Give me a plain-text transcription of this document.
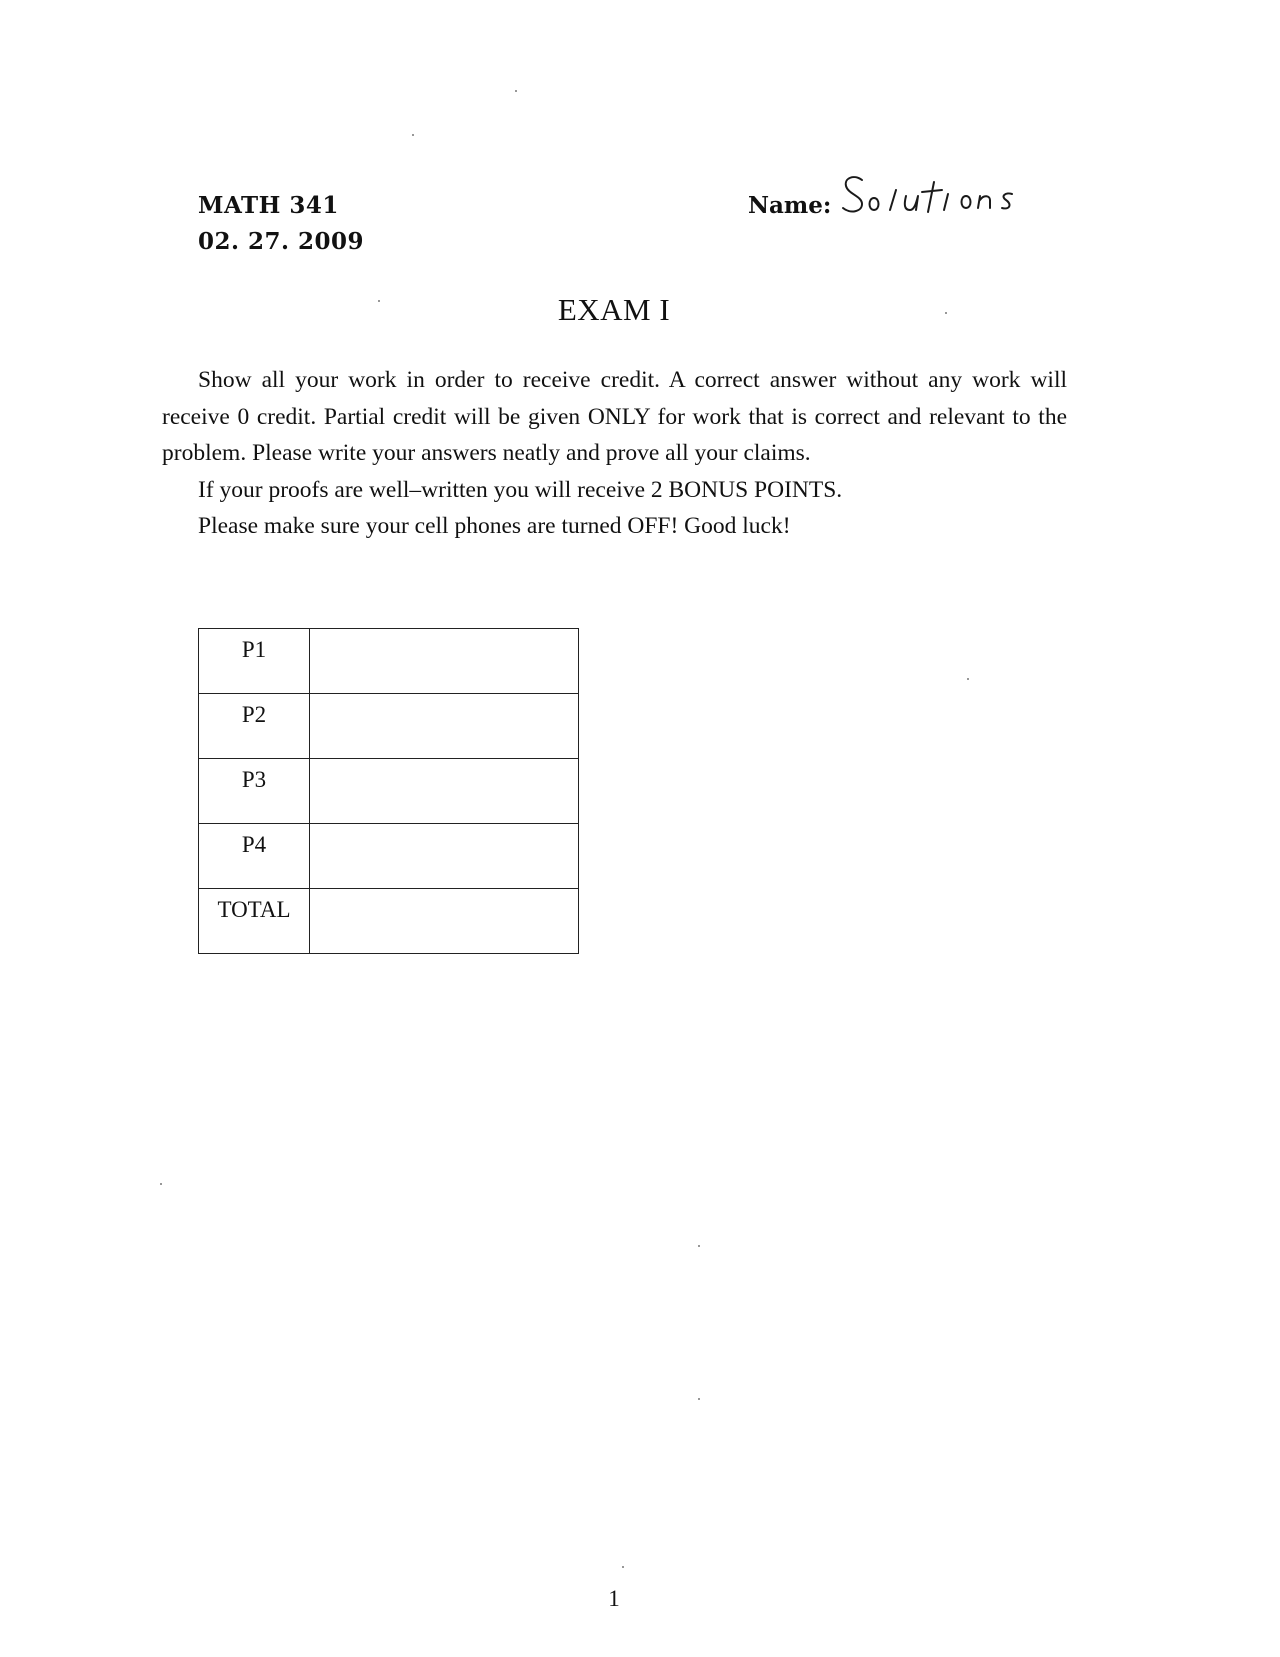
MATH 341
02. 27. 2009
Name:
EXAM I

Show all your work in order to receive credit. A correct answer without any work will receive 0 credit. Partial credit will be given ONLY for work that is correct and relevant to the problem. Please write your answers neatly and prove all your claims.

If your proofs are well–written you will receive 2 BONUS POINTS.

Please make sure your cell phones are turned OFF! Good luck!

P1	
P2	
P3	
P4	
TOTAL	
1
